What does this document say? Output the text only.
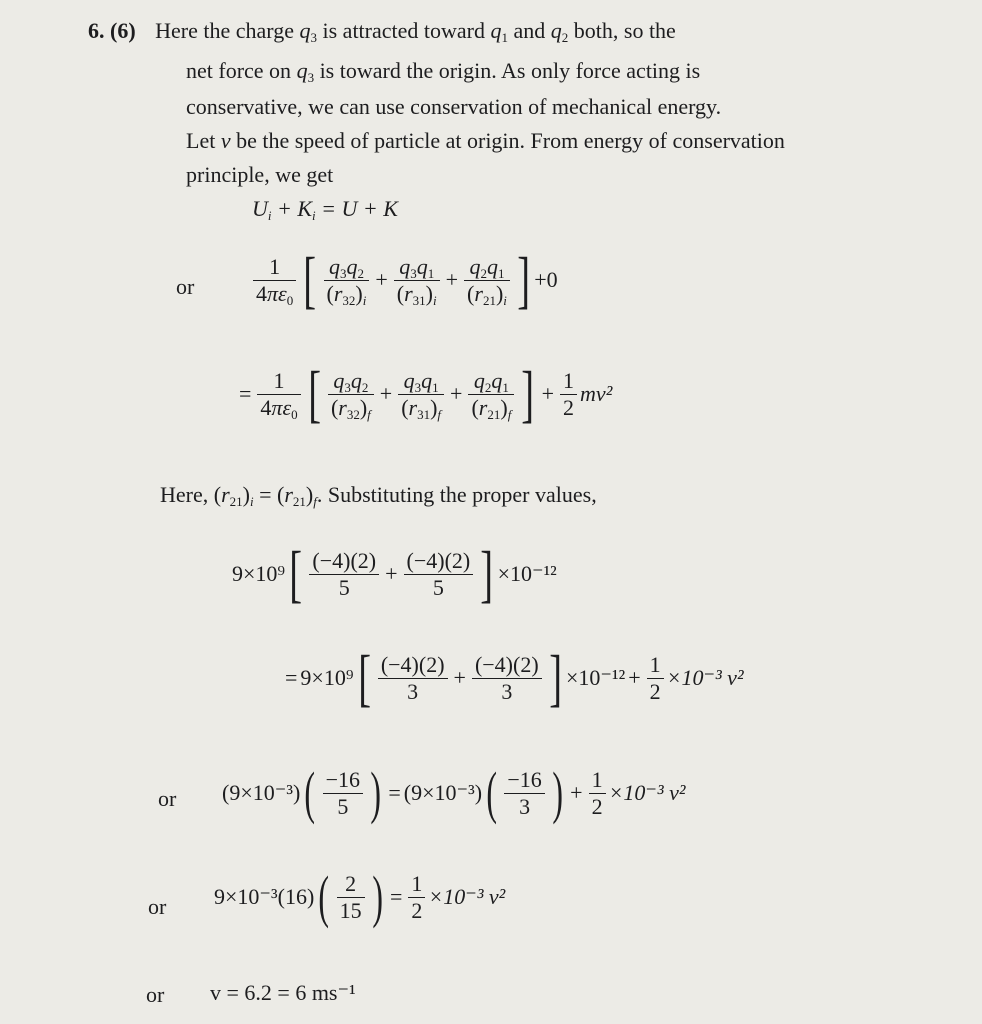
6. (6) Here the charge $q_3$ is attracted toward $q_1$ and $q_2$ both, so the
net force on $q_3$ is toward the origin. As only force acting is
conservative, we can use conservation of mechanical energy.
Let v be the speed of particle at origin. From energy of conservation
principle, we get
$U_i + K_i = U + K$
or	$\frac{1}{4\pi\varepsilon_0}$ [ $\frac{q_3q_2}{(r_{32})_i} + \frac{q_3q_1}{(r_{31})_i} + \frac{q_2q_1}{(r_{21})_i}$ ] +0
= $\frac{1}{4\pi\varepsilon_0}$ [ $\frac{q_3q_2}{(r_{32})_f} + \frac{q_3q_1}{(r_{31})_f} + \frac{q_2q_1}{(r_{21})_f}$ ] + $\frac{1}{2} mv^2$
Here, $(r_{21})_i = (r_{21})_f$. Substituting the proper values,
9×10⁹ [ $\frac{(-4)(2)}{5} + \frac{(-4)(2)}{5}$ ] ×10⁻¹²
= 9×10⁹ [ $\frac{(-4)(2)}{3} + \frac{(-4)(2)}{3}$ ] $\times 10^{-12} + \frac{1}{2} \times 10^{-3}$ v²
or (9×10⁻³) ( $\frac{-16}{5}$ ) = (9×10⁻³) ( $\frac{-16}{3}$ ) + $\frac{1}{2} \times 10^{-3}$ v²
or 9×10⁻³(16) ( $\frac{2}{15}$ ) = $\frac{1}{2} \times 10^{-3}$ v²
or v = 6.2 = 6 ms⁻¹
